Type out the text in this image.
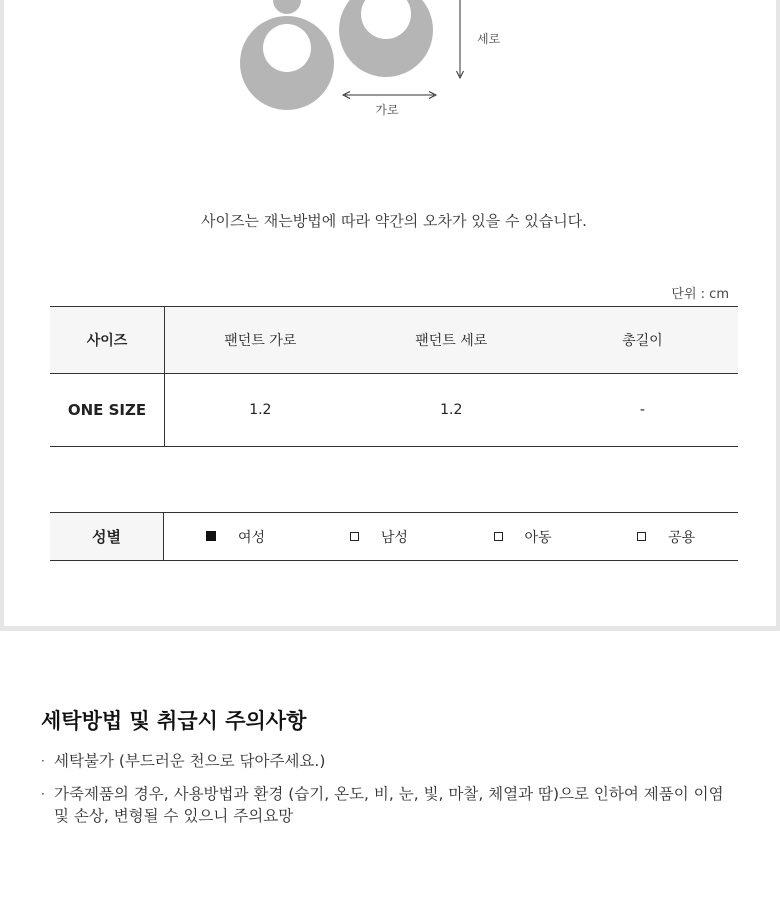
세로
가로
사이즈는 재는방법에 따라 약간의 오차가 있을 수 있습니다.
단위 : cm
사이즈	팬던트 가로	팬던트 세로	총길이
ONE SIZE	1.2	1.2	-
성별	여성	남성	아동	공용
세탁방법 및 취급시 주의사항
· 세탁불가 (부드러운 천으로 닦아주세요.)
· 가죽제품의 경우, 사용방법과 환경 (습기, 온도, 비, 눈, 빛, 마찰, 체열과 땀)으로 인하여 제품이 이염 및 손상, 변형될 수 있으니 주의요망
